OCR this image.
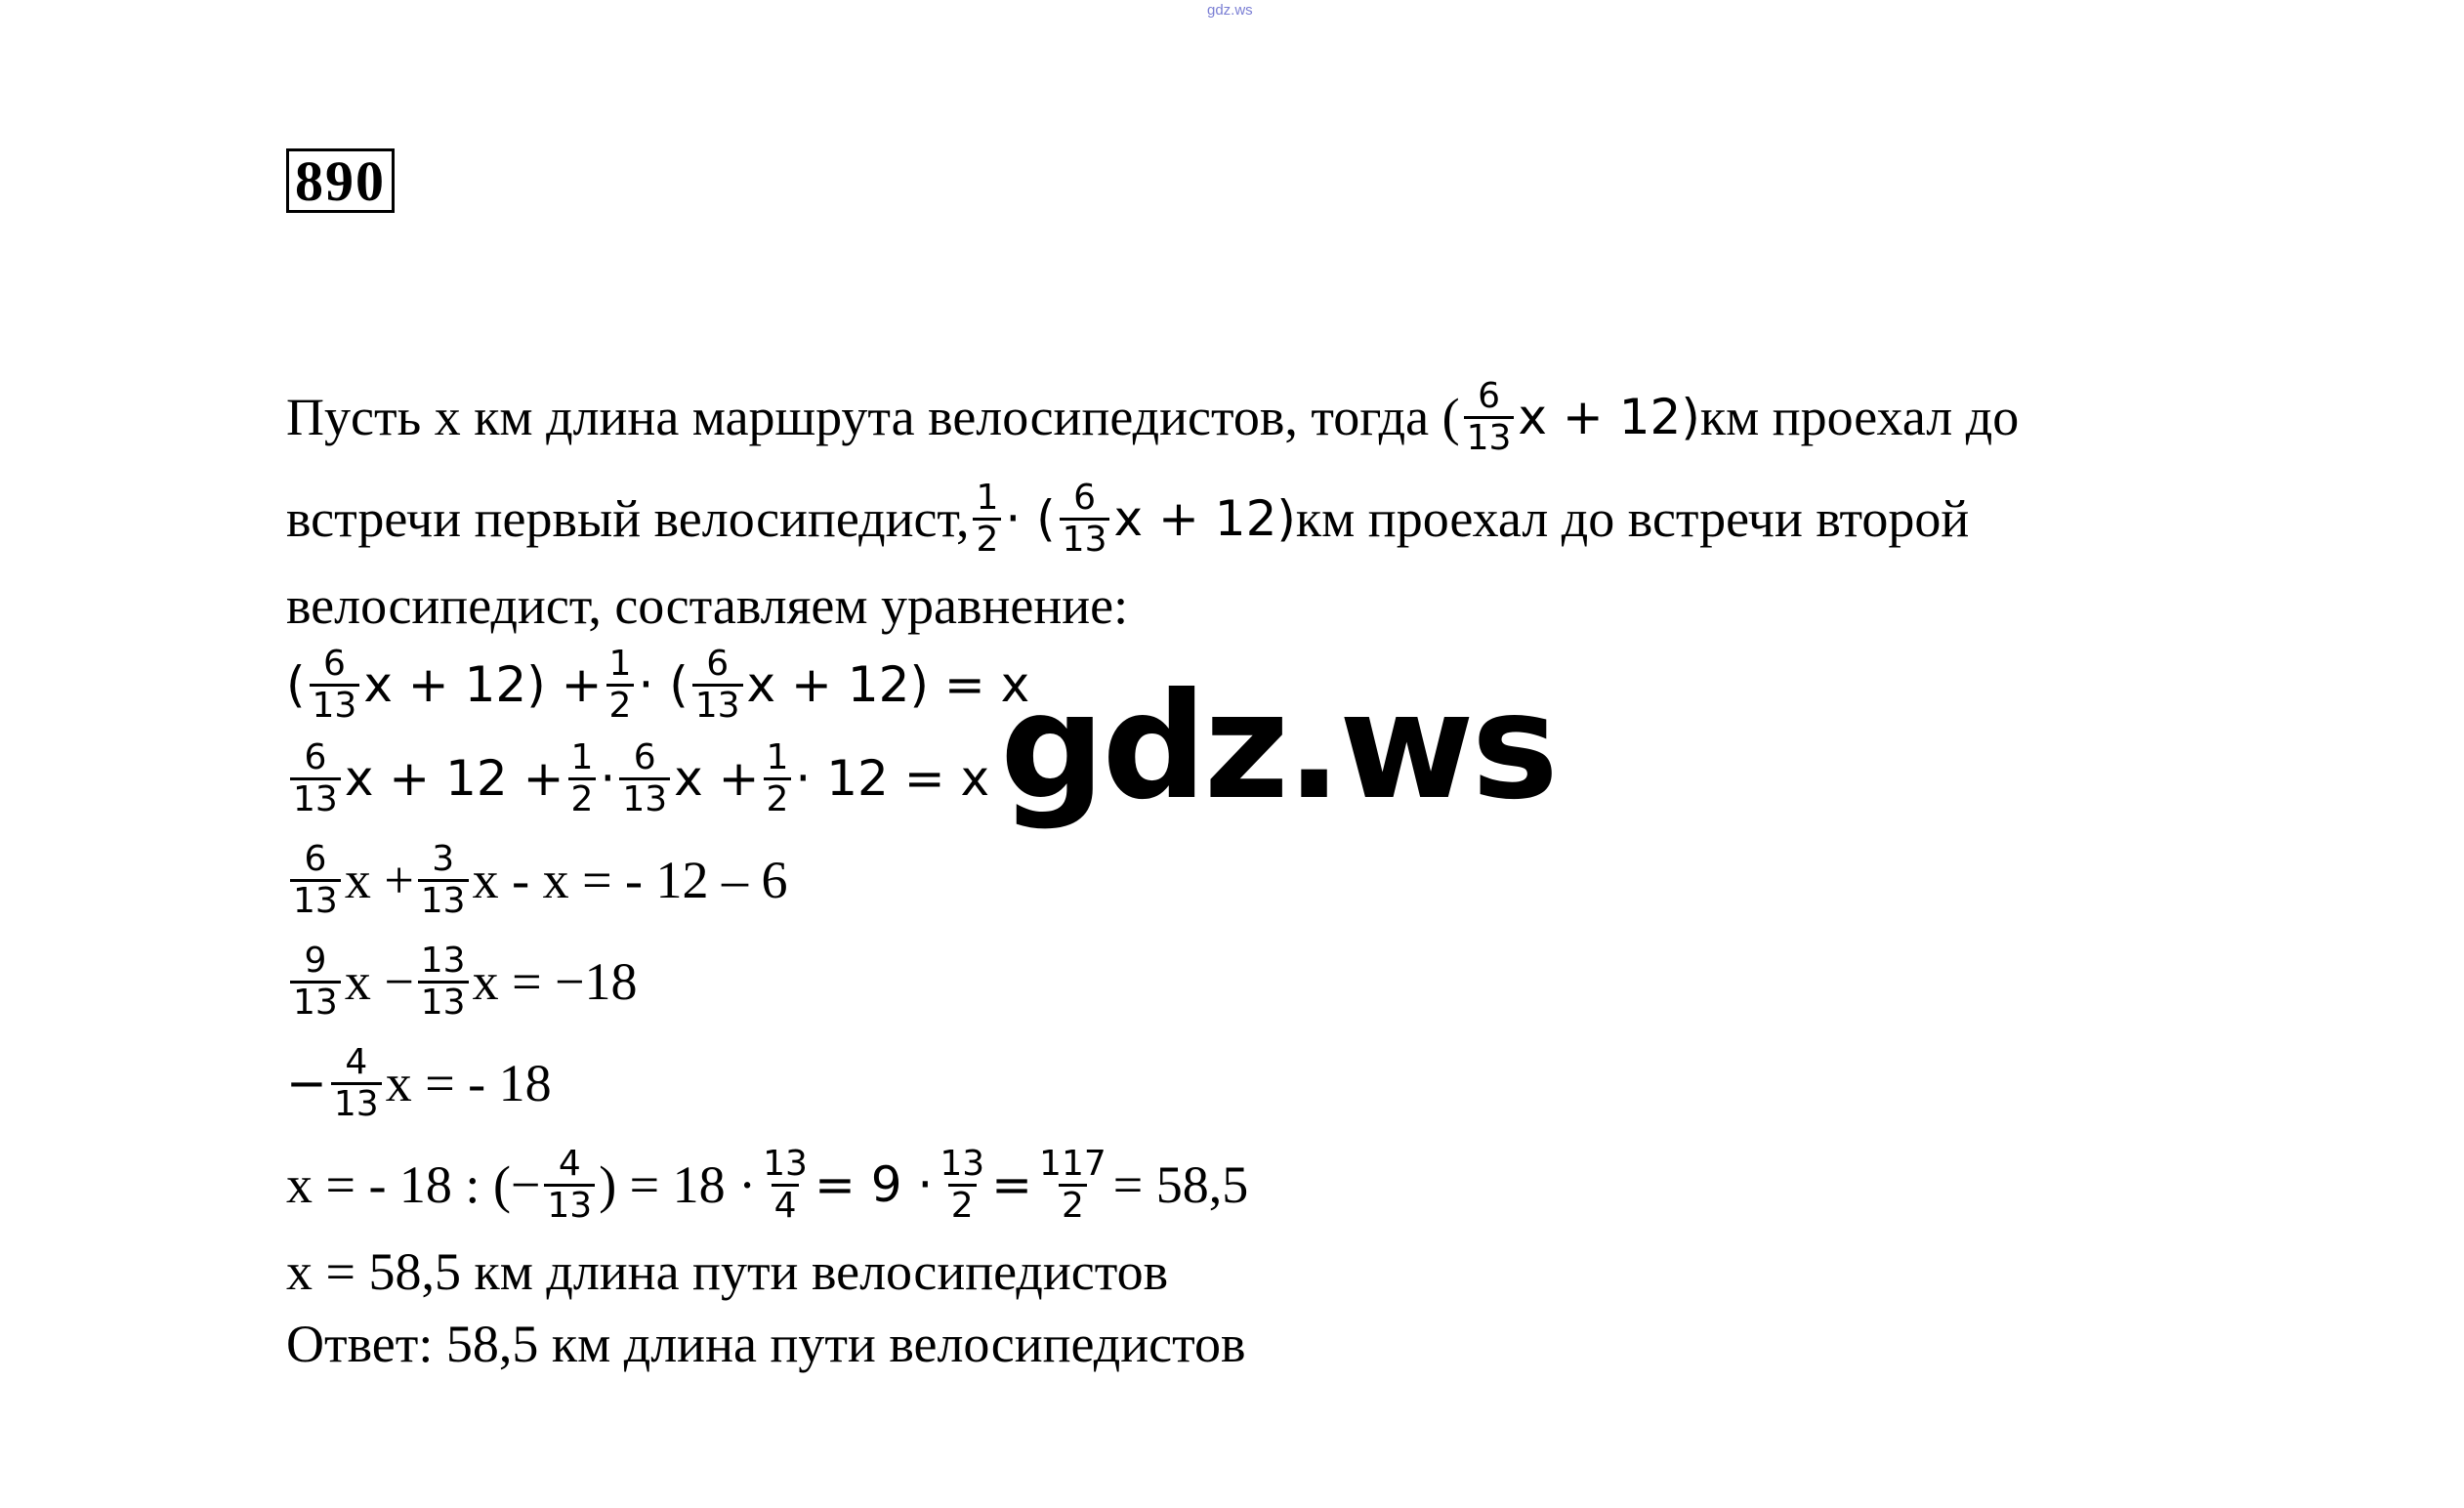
gdz.ws
890
Пусть х км длина маршрута велосипедистов, тогда ( $\frac{6}{13}$ x + 12) км проехал до
встречи первый велосипедист, $\frac{1}{2}$ · ( $\frac{6}{13}$ x + 12) км проехал до встречи второй
велосипедист, составляем уравнение:
( $\frac{6}{13}$ $x + 12) + \frac{1}{2}$ · ( $\frac{6}{13}$ x + 12) = x
$\frac{6}{13}$ $x + 12 + \frac{1}{2} \cdot \frac{6}{13}$ $x + \frac{1}{2} \cdot 12 = x$
$\frac{6}{13}$ $x + \frac{3}{13}$ x - x = - 12 – 6
$\frac{9}{13}$ $x - \frac{13}{13}$ x = −18
− $\frac{4}{13}$ x = - 18
x = - 18 : (− $\frac{4}{13}$ ) = $18 \cdot \frac{13}{4} = 9 \cdot \frac{13}{2} = \frac{117}{2} = 58,5$
x = 58,5 км длина пути велосипедистов
Ответ: 58,5 км длина пути велосипедистов
gdz.ws
